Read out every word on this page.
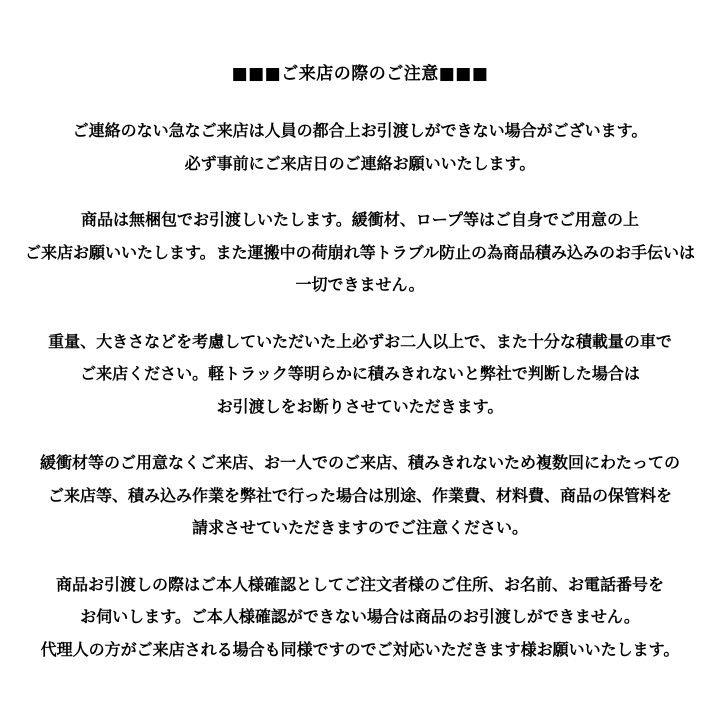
■■■ご来店の際のご注意■■■
ご連絡のない急なご来店は人員の都合上お引渡しができない場合がございます。
必ず事前にご来店日のご連絡お願いいたします。
商品は無梱包でお引渡しいたします。緩衝材、ロープ等はご自身でご用意の上
ご来店お願いいたします。また運搬中の荷崩れ等トラブル防止の為商品積み込みのお手伝いは
一切できません。
重量、大きさなどを考慮していただいた上必ずお二人以上で、また十分な積載量の車で
ご来店ください。軽トラック等明らかに積みきれないと弊社で判断した場合は
お引渡しをお断りさせていただきます。
緩衝材等のご用意なくご来店、お一人でのご来店、積みきれないため複数回にわたっての
ご来店等、積み込み作業を弊社で行った場合は別途、作業費、材料費、商品の保管料を
請求させていただきますのでご注意ください。
商品お引渡しの際はご本人様確認としてご注文者様のご住所、お名前、お電話番号を
お伺いします。ご本人様確認ができない場合は商品のお引渡しができません。
代理人の方がご来店される場合も同様ですのでご対応いただきます様お願いいたします。
